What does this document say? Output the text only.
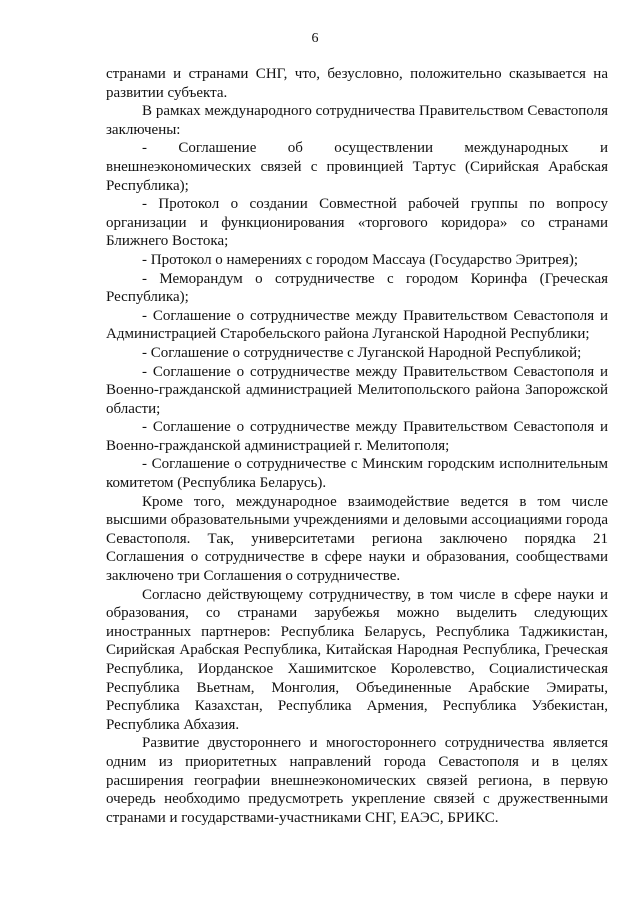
6

странами и странами СНГ, что, безусловно, положительно сказывается на развитии субъекта.

В рамках международного сотрудничества Правительством Севастополя заключены:

- Соглашение об осуществлении международных и внешнеэкономических связей с провинцией Тартус (Сирийская Арабская Республика);

- Протокол о создании Совместной рабочей группы по вопросу организации и функционирования «торгового коридора» со странами Ближнего Востока;

- Протокол о намерениях с городом Массауа (Государство Эритрея);

- Меморандум о сотрудничестве с городом Коринфа (Греческая Республика);

- Соглашение о сотрудничестве между Правительством Севастополя и Администрацией Старобельского района Луганской Народной Республики;

- Соглашение о сотрудничестве с Луганской Народной Республикой;

- Соглашение о сотрудничестве между Правительством Севастополя и Военно-гражданской администрацией Мелитопольского района Запорожской области;

- Соглашение о сотрудничестве между Правительством Севастополя и Военно-гражданской администрацией г. Мелитополя;

- Соглашение о сотрудничестве с Минским городским исполнительным комитетом (Республика Беларусь).

Кроме того, международное взаимодействие ведется в том числе высшими образовательными учреждениями и деловыми ассоциациями города Севастополя. Так, университетами региона заключено порядка 21 Соглашения о сотрудничестве в сфере науки и образования, сообществами заключено три Соглашения о сотрудничестве.

Согласно действующему сотрудничеству, в том числе в сфере науки и образования, со странами зарубежья можно выделить следующих иностранных партнеров: Республика Беларусь, Республика Таджикистан, Сирийская Арабская Республика, Китайская Народная Республика, Греческая Республика, Иорданское Хашимитское Королевство, Социалистическая Республика Вьетнам, Монголия, Объединенные Арабские Эмираты, Республика Казахстан, Республика Армения, Республика Узбекистан, Республика Абхазия.

Развитие двустороннего и многостороннего сотрудничества является одним из приоритетных направлений города Севастополя и в целях расширения географии внешнеэкономических связей региона, в первую очередь необходимо предусмотреть укрепление связей с дружественными странами и государствами-участниками СНГ, ЕАЭС, БРИКС.
